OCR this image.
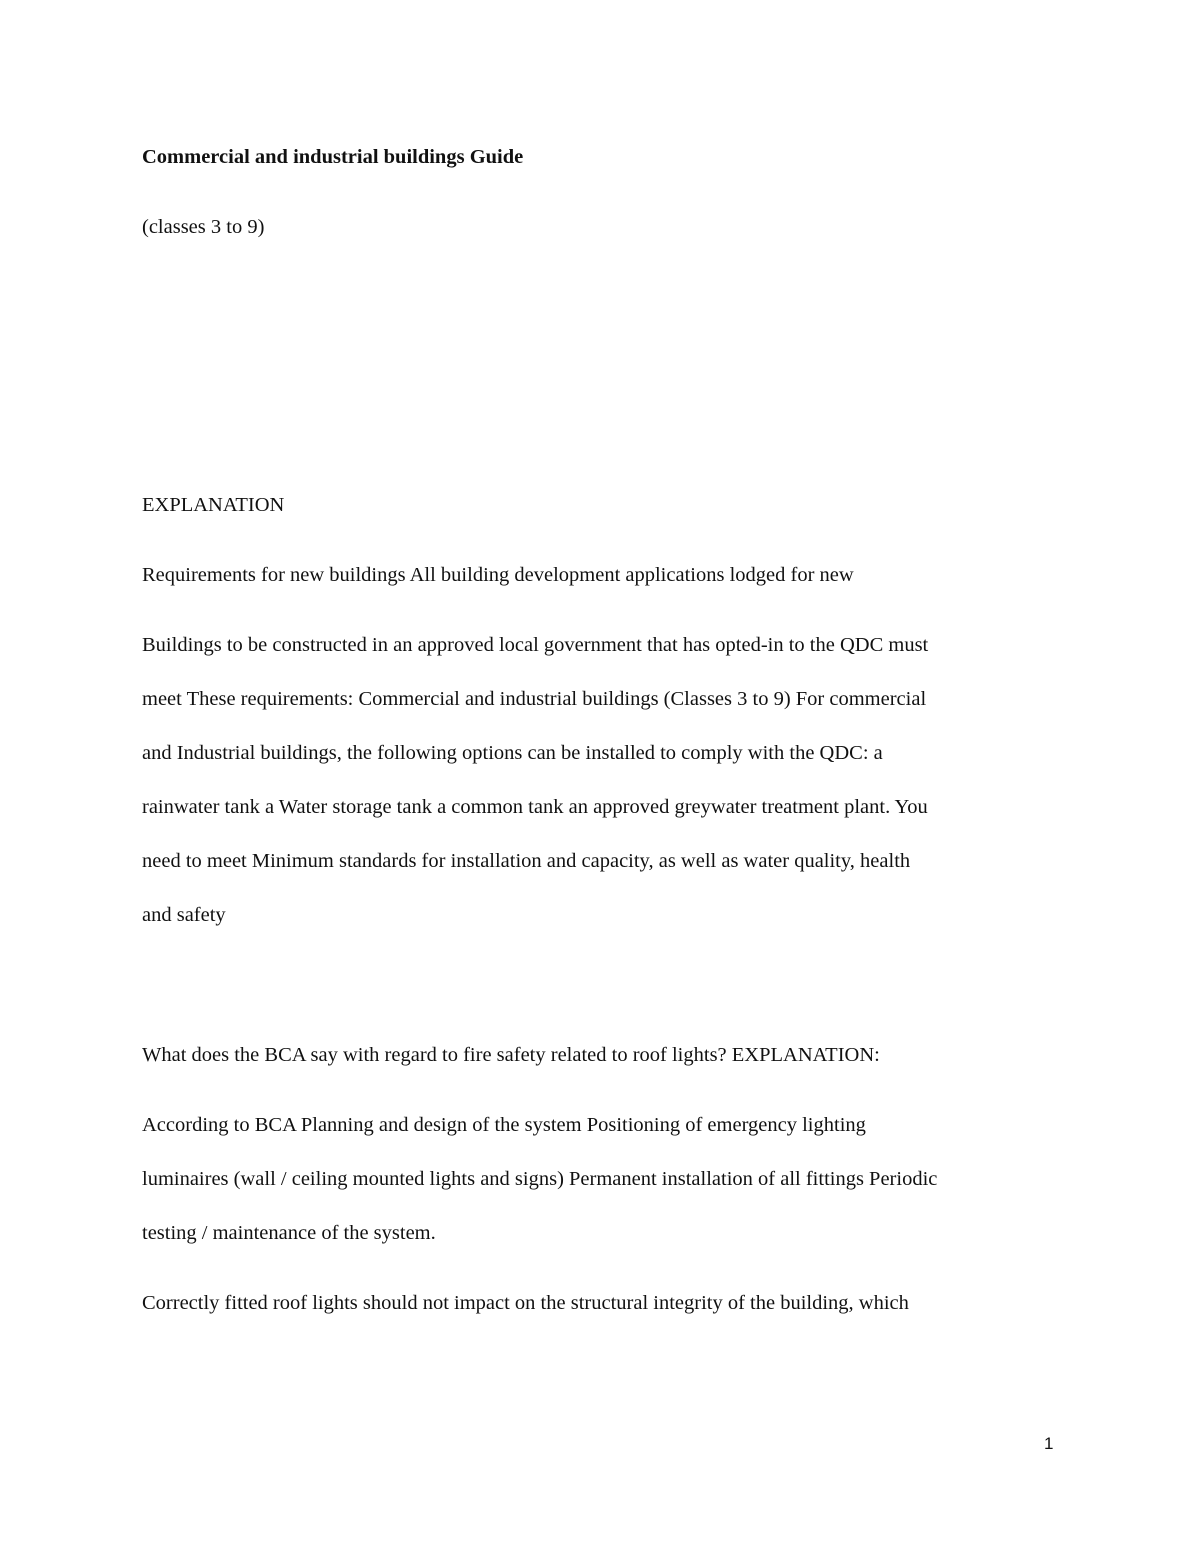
Commercial and industrial buildings Guide

(classes 3 to 9)

EXPLANATION

Requirements for new buildings All building development applications lodged for new

Buildings to be constructed in an approved local government that has opted-in to the QDC must

meet These requirements: Commercial and industrial buildings (Classes 3 to 9) For commercial

and Industrial buildings, the following options can be installed to comply with the QDC: a

rainwater tank a Water storage tank a common tank an approved greywater treatment plant. You

need to meet Minimum standards for installation and capacity, as well as water quality, health

and safety

What does the BCA say with regard to fire safety related to roof lights? EXPLANATION:

According to BCA Planning and design of the system Positioning of emergency lighting

luminaires (wall / ceiling mounted lights and signs) Permanent installation of all fittings Periodic

testing / maintenance of the system.

Correctly fitted roof lights should not impact on the structural integrity of the building, which

1
